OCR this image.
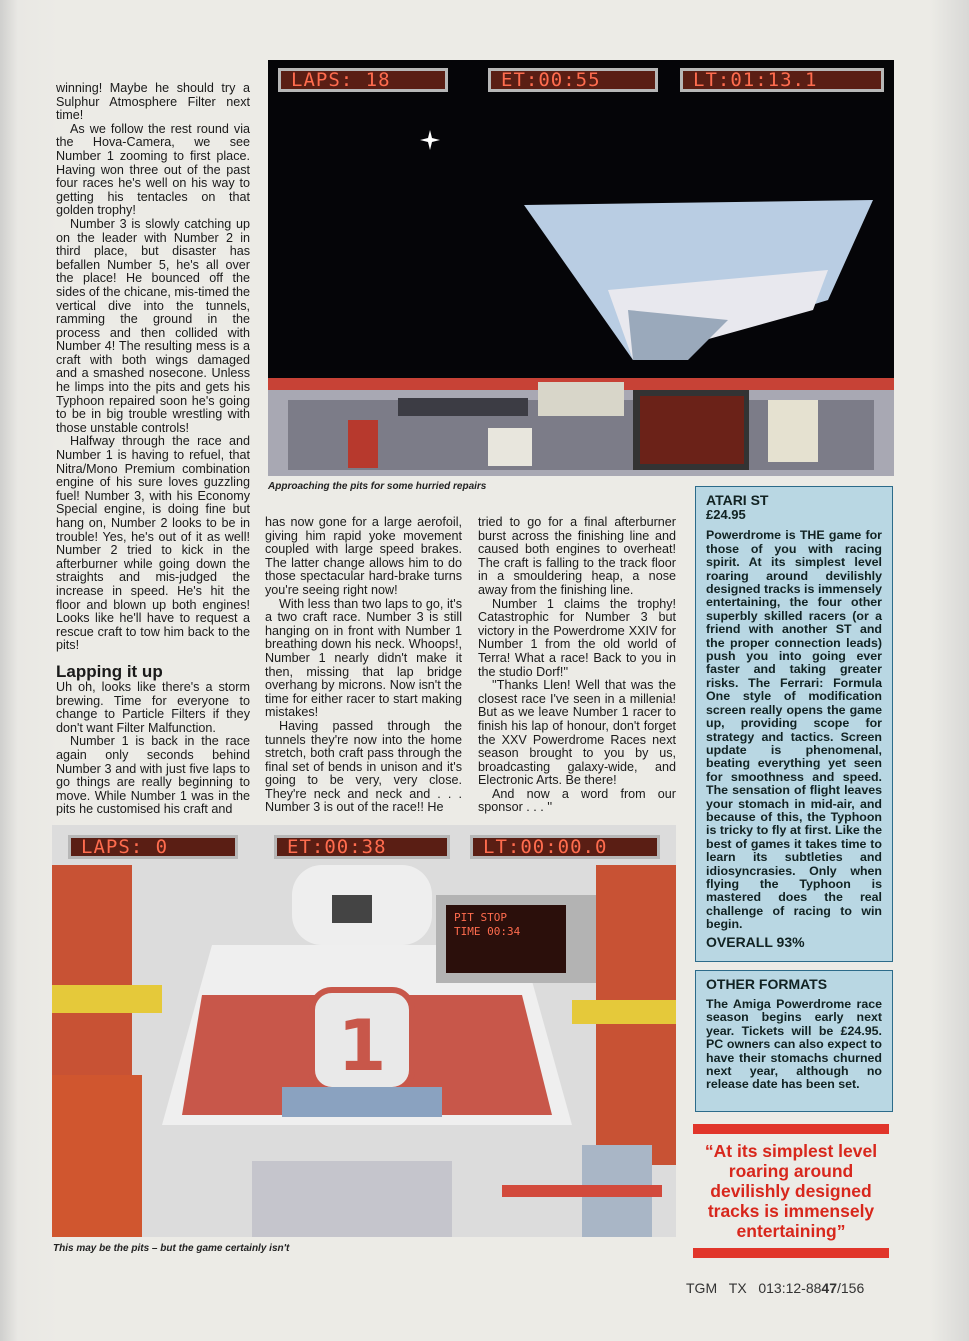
winning! Maybe he should try a Sulphur Atmosphere Filter next time!

As we follow the rest round via the Hova-Camera, we see Number 1 zooming to first place. Having won three out of the past four races he's well on his way to getting his tentacles on that golden trophy!

Number 3 is slowly catching up on the leader with Number 2 in third place, but disaster has befallen Number 5, he's all over the place! He bounced off the sides of the chicane, mis-timed the vertical dive into the tunnels, ramming the ground in the process and then collided with Number 4! The resulting mess is a craft with both wings damaged and a smashed nosecone. Unless he limps into the pits and gets his Typhoon repaired soon he's going to be in big trouble wrestling with those unstable controls!

Halfway through the race and Number 1 is having to refuel, that Nitra/Mono Premium combination engine of his sure loves guzzling fuel! Number 3, with his Economy Special engine, is doing fine but hang on, Number 2 looks to be in trouble! Yes, he's out of it as well! Number 2 tried to kick in the afterburner while going down the straights and mis-judged the increase in speed. He's hit the floor and blown up both engines! Looks like he'll have to request a rescue craft to tow him back to the pits!

Lapping it up

Uh oh, looks like there's a storm brewing. Time for everyone to change to Particle Filters if they don't want Filter Malfunction.

Number 1 is back in the race again only seconds behind Number 3 and with just five laps to go things are really beginning to move. While Number 1 was in the pits he customised his craft and

LAPS: 18	ET:00:55	LT:01:13.1
Approaching the pits for some hurried repairs

has now gone for a large aerofoil, giving him rapid yoke movement coupled with large speed brakes. The latter change allows him to do those spectacular hard-brake turns you're seeing right now!

With less than two laps to go, it's a two craft race. Number 3 is still hanging on in front with Number 1 breathing down his neck. Whoops!, Number 1 nearly didn't make it then, missing that lap bridge overhang by microns. Now isn't the time for either racer to start making mistakes!

Having passed through the tunnels they're now into the home stretch, both craft pass through the final set of bends in unison and it's going to be very, very close. They're neck and neck and . . . Number 3 is out of the race!! He

tried to go for a final afterburner burst across the finishing line and caused both engines to overheat! The craft is falling to the track floor in a smouldering heap, a nose away from the finishing line.

Number 1 claims the trophy! Catastrophic for Number 3 but victory in the Powerdrome XXIV for Number 1 from the old world of Terra! What a race! Back to you in the studio Dorf!''

''Thanks Llen! Well that was the closest race I've seen in a millenia! But as we leave Number 1 racer to finish his lap of honour, don't forget the XXV Powerdrome Races next season brought to you by us, broadcasting galaxy-wide, and Electronic Arts. Be there!

And now a word from our sponsor . . . ''

ATARI ST
£24.95
Powerdrome is THE game for those of you with racing spirit. At its simplest level roaring around devilishly designed tracks is immensely entertaining, the four other superbly skilled racers (or a friend with another ST and the proper connection leads) push you into going ever faster and taking greater risks. The Ferrari: Formula One style of modification screen really opens the game up, providing scope for strategy and tactics. Screen update is phenomenal, beating everything yet seen for smoothness and speed. The sensation of flight leaves your stomach in mid-air, and because of this, the Typhoon is tricky to fly at first. Like the best of games it takes time to learn its subtleties and idiosyncrasies. Only when flying the Typhoon is mastered does the real challenge of racing to win begin.
OVERALL 93%
OTHER FORMATS
The Amiga Powerdrome race season begins early next year. Tickets will be £24.95. PC owners can also expect to have their stomachs churned next year, although no release date has been set.
“At its simplest level roaring around devilishly designed tracks is immensely entertaining”
1
PIT STOP
TIME 00:34
LAPS: 0	ET:00:38	LT:00:00.0
This may be the pits – but the game certainly isn't
TGM TX 013:12-8847/156
